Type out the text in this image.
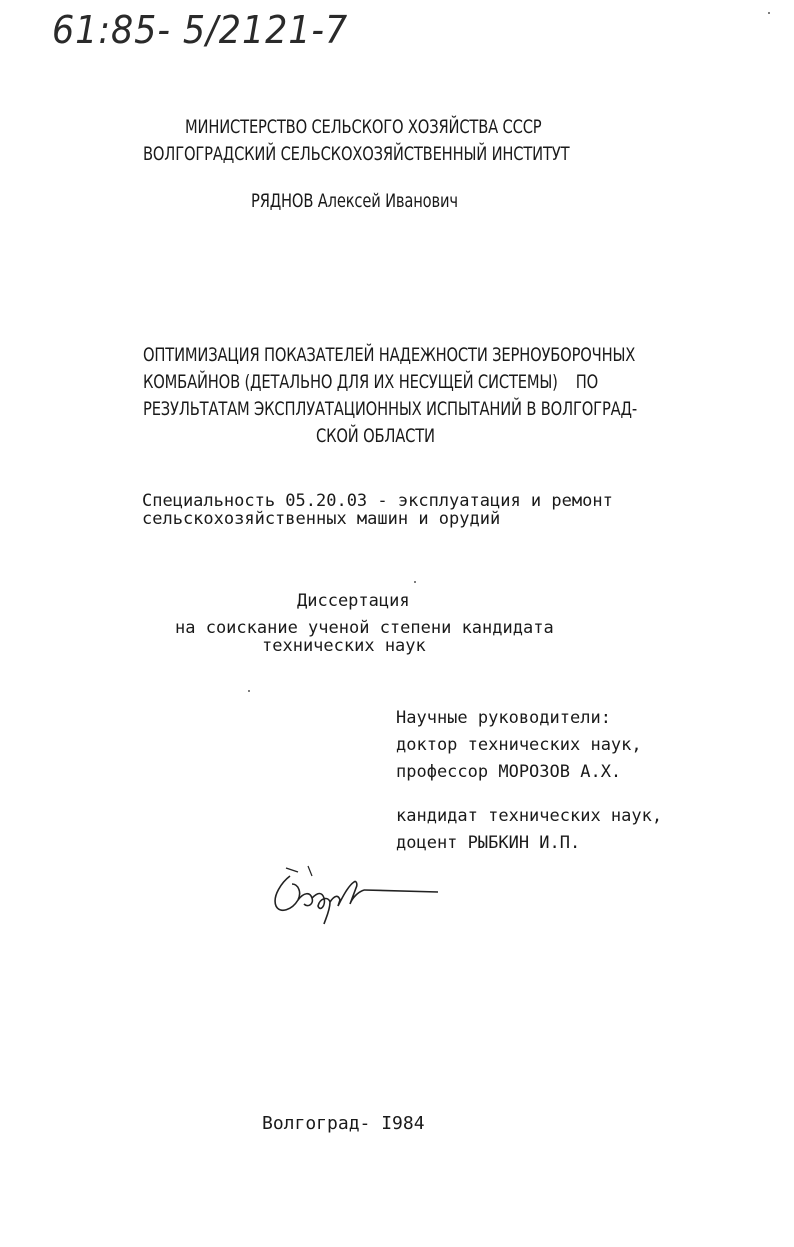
61:85- 5/2121-7
МИНИСТЕРСТВО СЕЛЬСКОГО ХОЗЯЙСТВА СССР
ВОЛГОГРАДСКИЙ СЕЛЬСКОХОЗЯЙСТВЕННЫЙ ИНСТИТУТ
РЯДНОВ Алексей Иванович
ОПТИМИЗАЦИЯ ПОКАЗАТЕЛЕЙ НАДЕЖНОСТИ ЗЕРНОУБОРОЧНЫХ
КОМБАЙНОВ (ДЕТАЛЬНО ДЛЯ ИХ НЕСУЩЕЙ СИСТЕМЫ)    ПО
РЕЗУЛЬТАТАМ ЭКСПЛУАТАЦИОННЫХ ИСПЫТАНИЙ В ВОЛГОГРАД-
СКОЙ ОБЛАСТИ
Специальность 05.20.03 - эксплуатация и ремонт
сельскохозяйственных машин и орудий
Диссертация
на соискание ученой степени кандидата
технических наук
Научные руководители:
доктор технических наук,
профессор МОРОЗОВ А.Х.
кандидат технических наук,
доцент РЫБКИН И.П.
Волгоград- I984
